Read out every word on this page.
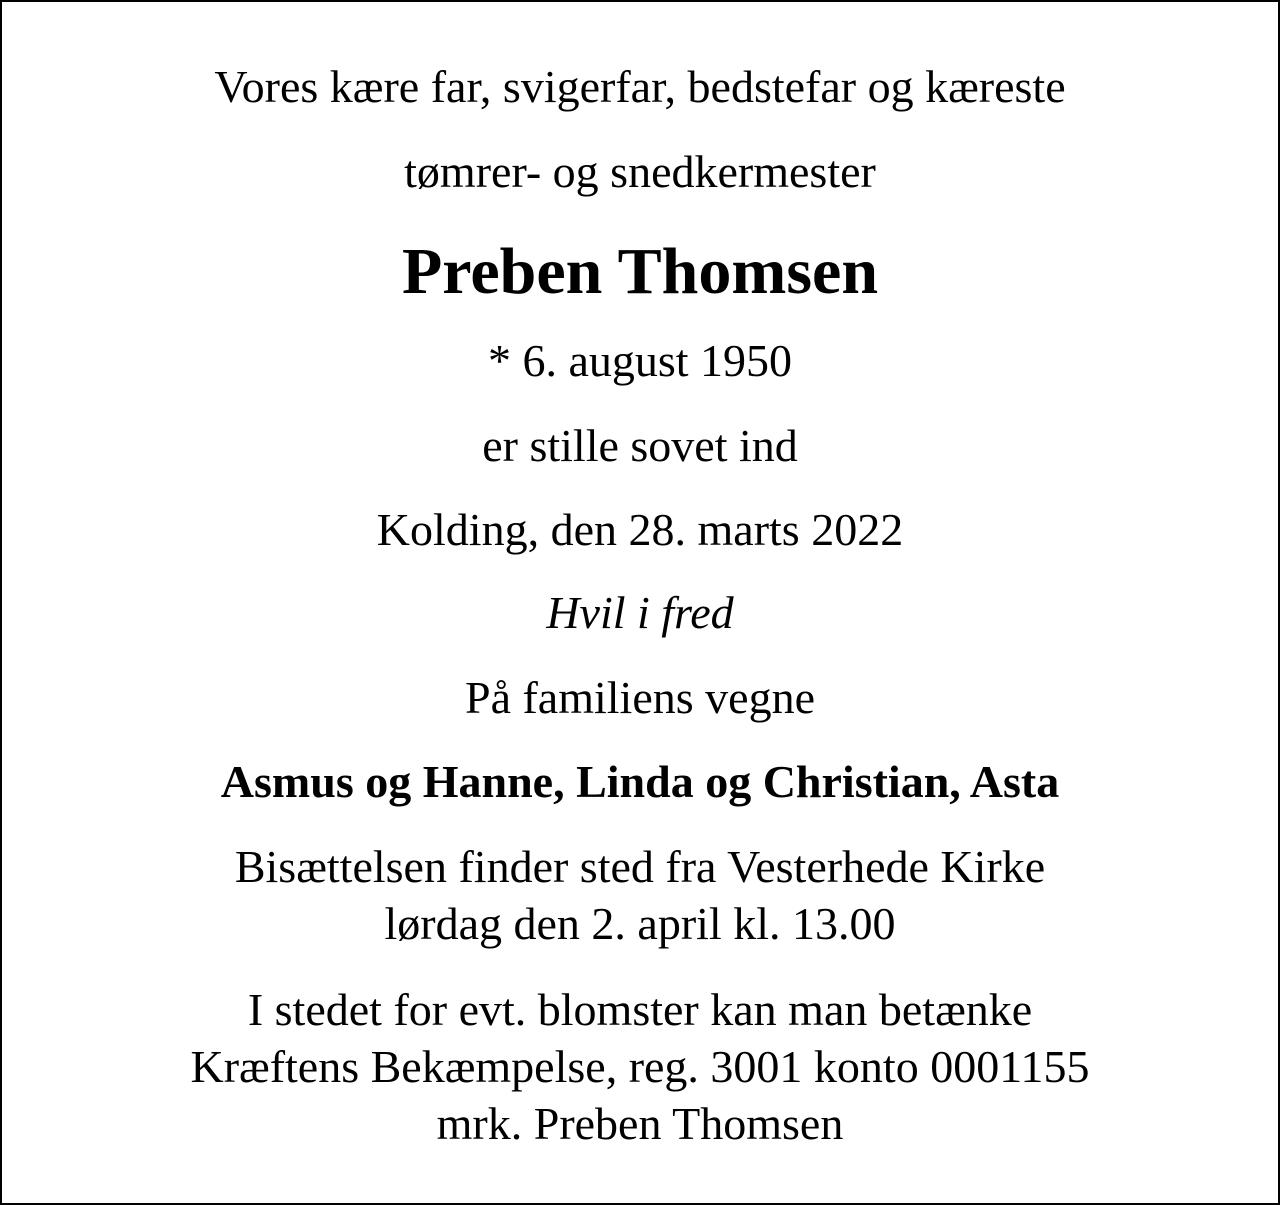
Vores kære far, svigerfar, bedstefar og kæreste
tømrer- og snedkermester
Preben Thomsen
* 6. august 1950
er stille sovet ind
Kolding, den 28. marts 2022
Hvil i fred
På familiens vegne
Asmus og Hanne, Linda og Christian, Asta
Bisættelsen finder sted fra Vesterhede Kirke
lørdag den 2. april kl. 13.00
I stedet for evt. blomster kan man betænke
Kræftens Bekæmpelse, reg. 3001 konto 0001155
mrk. Preben Thomsen
